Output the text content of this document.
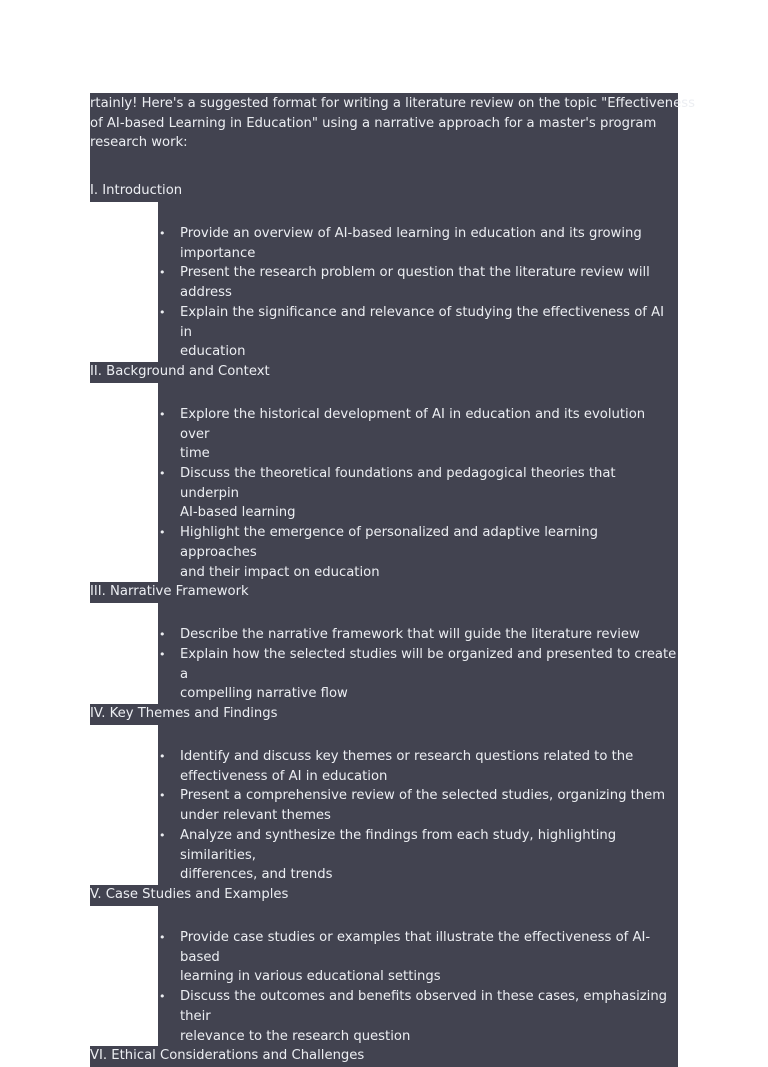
rtainly! Here's a suggested format for writing a literature review on the topic "Effectiveness
of AI-based Learning in Education" using a narrative approach for a master's program
research work:
I. Introduction
• Provide an overview of AI-based learning in education and its growing
importance
• Present the research problem or question that the literature review will
address
• Explain the significance and relevance of studying the effectiveness of AI in
education
II. Background and Context
• Explore the historical development of AI in education and its evolution over
time
• Discuss the theoretical foundations and pedagogical theories that underpin
AI-based learning
• Highlight the emergence of personalized and adaptive learning approaches
and their impact on education
III. Narrative Framework
• Describe the narrative framework that will guide the literature review
• Explain how the selected studies will be organized and presented to create a
compelling narrative flow
IV. Key Themes and Findings
• Identify and discuss key themes or research questions related to the
effectiveness of AI in education
• Present a comprehensive review of the selected studies, organizing them
under relevant themes
• Analyze and synthesize the findings from each study, highlighting similarities,
differences, and trends
V. Case Studies and Examples
• Provide case studies or examples that illustrate the effectiveness of AI-based
learning in various educational settings
• Discuss the outcomes and benefits observed in these cases, emphasizing their
relevance to the research question
VI. Ethical Considerations and Challenges
